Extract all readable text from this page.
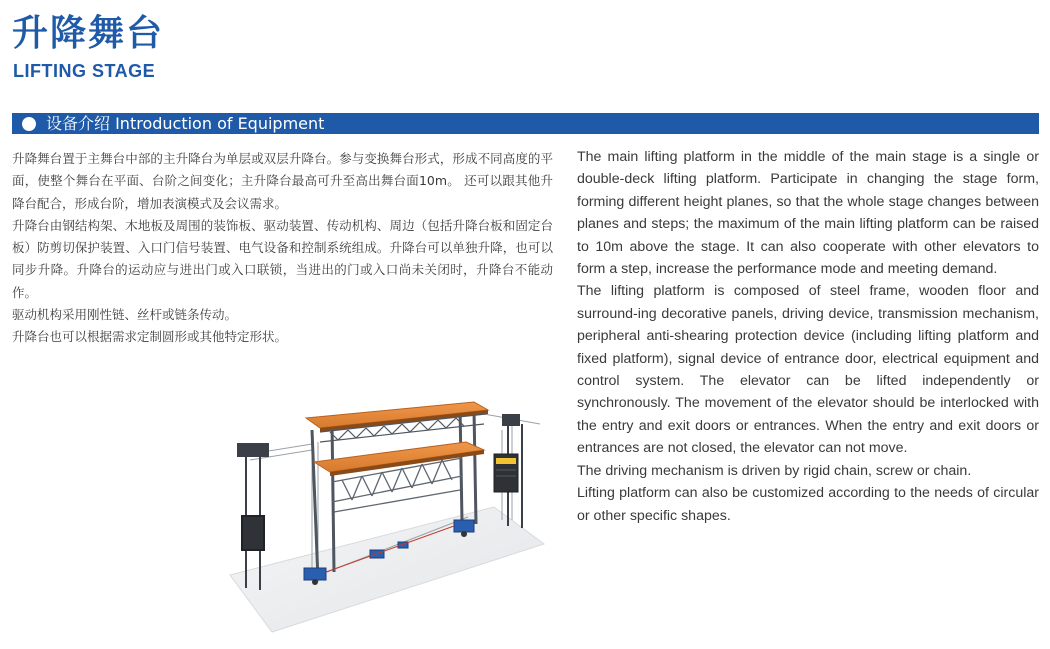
升降舞台
LIFTING STAGE
设备介绍 Introduction of Equipment

升降舞台置于主舞台中部的主升降台为单层或双层升降台。参与变换舞台形式，形成不同高度的平面，使整个舞台在平面、台阶之间变化；主升降台最高可升至高出舞台面10m。 还可以跟其他升降台配合，形成台阶，增加表演模式及会议需求。

升降台由钢结构架、木地板及周围的装饰板、驱动装置、传动机构、周边（包括升降台板和固定台板）防剪切保护装置、入口门信号装置、电气设备和控制系统组成。升降台可以单独升降，也可以同步升降。升降台的运动应与进出门或入口联锁，当进出的门或入口尚未关闭时，升降台不能动作。

驱动机构采用刚性链、丝杆或链条传动。

升降台也可以根据需求定制圆形或其他特定形状。

The main lifting platform in the middle of the main stage is a single or double-deck lifting platform. Participate in changing the stage form, forming different height planes, so that the whole stage changes between planes and steps; the maximum of the main lifting platform can be raised to 10m above the stage. It can also cooperate with other elevators to form a step, increase the performance mode and meeting demand.

The lifting platform is composed of steel frame, wooden floor and surround-ing decorative panels, driving device, transmission mechanism, peripheral anti-shearing protection device (including lifting platform and fixed platform), signal device of entrance door, electrical equipment and control system. The elevator can be lifted independently or synchronously. The movement of the elevator should be interlocked with the entry and exit doors or entrances. When the entry and exit doors or entrances are not closed, the elevator can not move.

The driving mechanism is driven by rigid chain, screw or chain.

Lifting platform can also be customized according to the needs of circular or other specific shapes.
